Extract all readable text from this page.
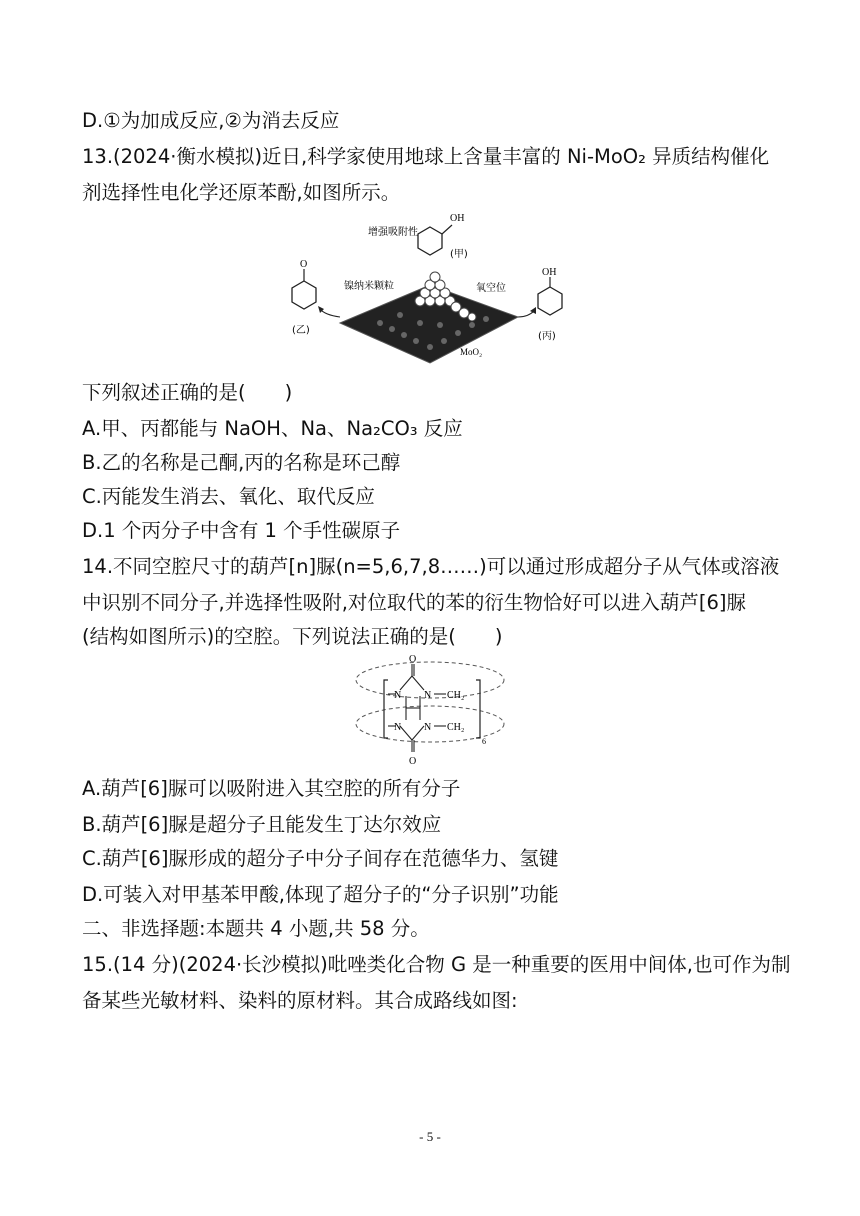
D.①为加成反应,②为消去反应
13.(2024·衡水模拟)近日,科学家使用地球上含量丰富的 Ni-MoO₂ 异质结构催化
剂选择性电化学还原苯酚,如图所示。
OH
增强吸附性
(甲)
镍纳米颗粒	氧空位
MoO₂
O
(乙)
OH
(丙)
下列叙述正确的是(　　)
A.甲、丙都能与 NaOH、Na、Na₂CO₃ 反应
B.乙的名称是己酮,丙的名称是环己醇
C.丙能发生消去、氧化、取代反应
D.1 个丙分子中含有 1 个手性碳原子
14.不同空腔尺寸的葫芦[n]脲(n=5,6,7,8……)可以通过形成超分子从气体或溶液
中识别不同分子,并选择性吸附,对位取代的苯的衍生物恰好可以进入葫芦[6]脲
(结构如图所示)的空腔。下列说法正确的是(　　)
6
O
O
N N
N N
CH₂
CH₂
A.葫芦[6]脲可以吸附进入其空腔的所有分子
B.葫芦[6]脲是超分子且能发生丁达尔效应
C.葫芦[6]脲形成的超分子中分子间存在范德华力、氢键
D.可装入对甲基苯甲酸,体现了超分子的“分子识别”功能
二、非选择题:本题共 4 小题,共 58 分。
15.(14 分)(2024·长沙模拟)吡唑类化合物 G 是一种重要的医用中间体,也可作为制
备某些光敏材料、染料的原材料。其合成路线如图:
- 5 -
